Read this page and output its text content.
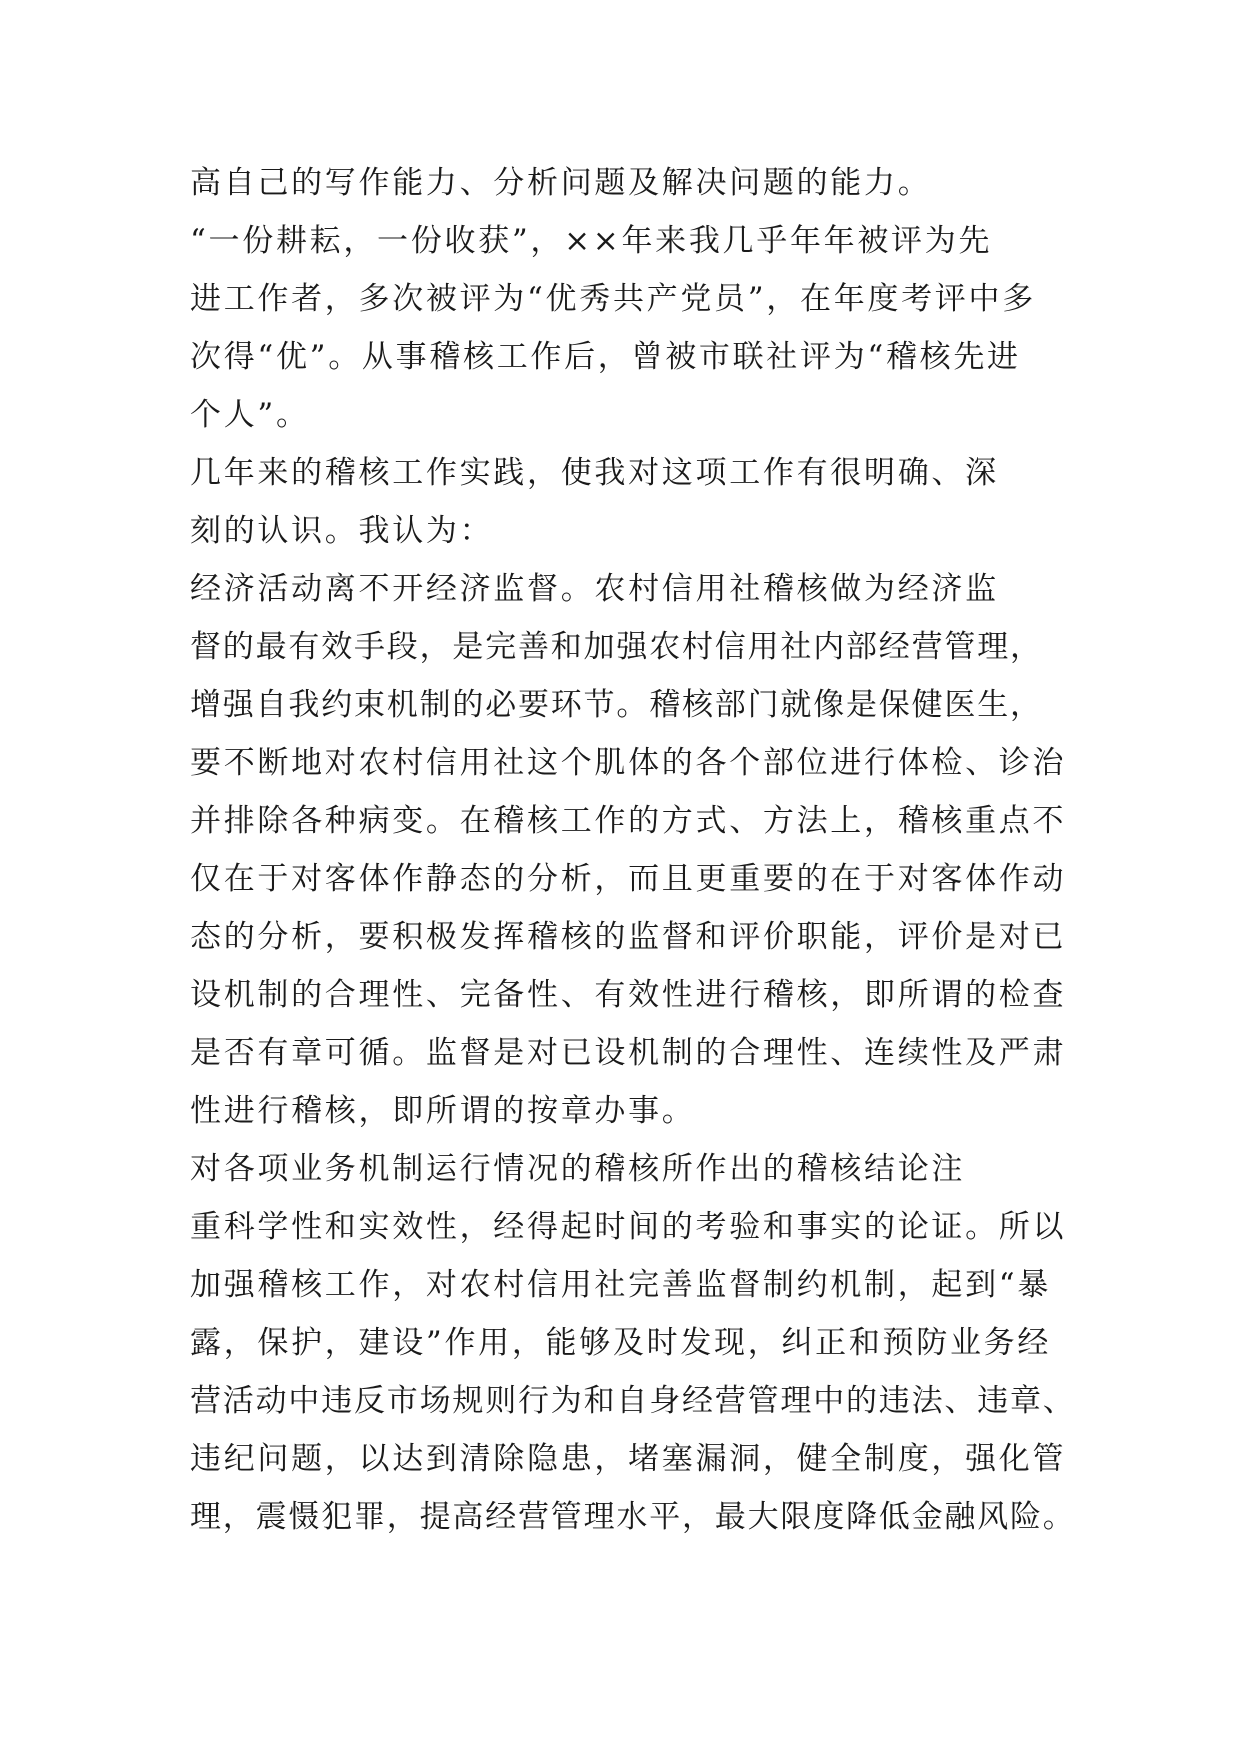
高自己的写作能力、分析问题及解决问题的能力。
“一份耕耘，一份收获”，××年来我几乎年年被评为先
进工作者，多次被评为“优秀共产党员”，在年度考评中多
次得“优”。从事稽核工作后，曾被市联社评为“稽核先进
个人”。
几年来的稽核工作实践，使我对这项工作有很明确、深
刻的认识。我认为：
经济活动离不开经济监督。农村信用社稽核做为经济监
督的最有效手段，是完善和加强农村信用社内部经营管理，
增强自我约束机制的必要环节。稽核部门就像是保健医生，
要不断地对农村信用社这个肌体的各个部位进行体检、诊治
并排除各种病变。在稽核工作的方式、方法上，稽核重点不
仅在于对客体作静态的分析，而且更重要的在于对客体作动
态的分析，要积极发挥稽核的监督和评价职能，评价是对已
设机制的合理性、完备性、有效性进行稽核，即所谓的检查
是否有章可循。监督是对已设机制的合理性、连续性及严肃
性进行稽核，即所谓的按章办事。
对各项业务机制运行情况的稽核所作出的稽核结论注
重科学性和实效性，经得起时间的考验和事实的论证。所以
加强稽核工作，对农村信用社完善监督制约机制，起到“暴
露，保护，建设”作用，能够及时发现，纠正和预防业务经
营活动中违反市场规则行为和自身经营管理中的违法、违章、
违纪问题，以达到清除隐患，堵塞漏洞，健全制度，强化管
理，震慑犯罪，提高经营管理水平，最大限度降低金融风险。
